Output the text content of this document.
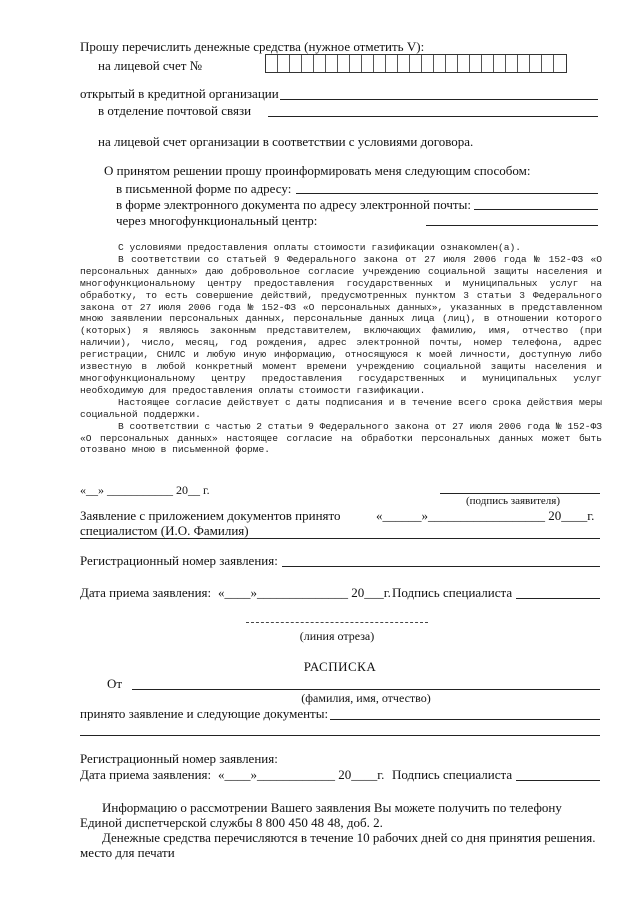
Прошу перечислить денежные средства (нужное отметить V):
на лицевой счет №
открытый в кредитной организации
в отделение почтовой связи
на лицевой счет организации в соответствии с условиями договора.
О принятом решении прошу проинформировать меня следующим способом:
в письменной форме по адресу:
в форме электронного документа по адресу электронной почты:
через многофункциональный центр:

С условиями предоставления оплаты стоимости газификации ознакомлен(а).

В соответствии со статьей 9 Федерального закона от 27 июля 2006 года № 152-ФЗ «О персональных данных» даю добровольное согласие учреждению социальной защиты населения и многофункциональному центру предоставления государственных и муниципальных услуг на обработку, то есть совершение действий, предусмотренных пунктом 3 статьи 3 Федерального закона от 27 июля 2006 года № 152-ФЗ «О персональных данных», указанных в представленном мною заявлении персональных данных, персональные данных лица (лиц), в отношении которого (которых) я являюсь законным представителем, включающих фамилию, имя, отчество (при наличии), число, месяц, год рождения, адрес электронной почты, номер телефона, адрес регистрации, СНИЛС и любую иную информацию, относящуюся к моей личности, доступную либо известную в любой конкретный момент времени учреждению социальной защиты населения и многофункциональному центру предоставления государственных и муниципальных услуг необходимую для предоставления оплаты стоимости газификации.

Настоящее согласие действует с даты подписания и в течение всего срока действия меры социальной поддержки.

В соответствии с частью 2 статьи 9 Федерального закона от 27 июля 2006 года № 152-ФЗ «О персональных данных» настоящее согласие на обработки персональных данных может быть отозвано мною в письменной форме.

«__» ___________ 20__ г.
(подпись заявителя)
Заявление с приложением документов принято	«______»__________________ 20____г.
специалистом (И.О. Фамилия)
Регистрационный номер заявления:
Дата приема заявления: «____»______________ 20___г. Подпись специалиста
(линия отреза)
РАСПИСКА
От
(фамилия, имя, отчество)
принято заявление и следующие документы:
Регистрационный номер заявления:
Дата приема заявления: «____»____________ 20____г. Подпись специалиста
Информацию о рассмотрении Вашего заявления Вы можете получить по телефону
Единой диспетчерской службы 8 800 450 48 48, доб. 2.
Денежные средства перечисляются в течение 10 рабочих дней со дня принятия решения.
место для печати
